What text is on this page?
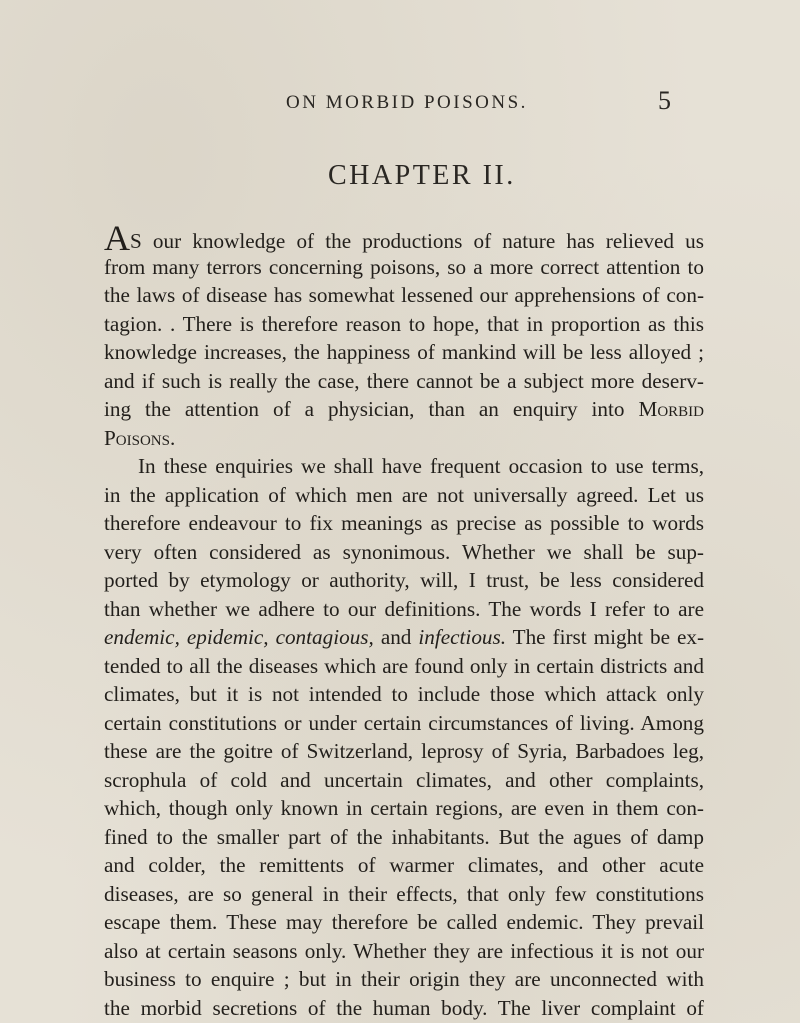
ON MORBID POISONS.	5
CHAPTER II.
AS our knowledge of the productions of nature has relieved us
from many terrors concerning poisons, so a more correct attention to
the laws of disease has somewhat lessened our apprehensions of con-
tagion. . There is therefore reason to hope, that in proportion as this
knowledge increases, the happiness of mankind will be less alloyed ;
and if such is really the case, there cannot be a subject more deserv-
ing the attention of a physician, than an enquiry into Morbid
Poisons.
In these enquiries we shall have frequent occasion to use terms,
in the application of which men are not universally agreed. Let us
therefore endeavour to fix meanings as precise as possible to words
very often considered as synonimous. Whether we shall be sup-
ported by etymology or authority, will, I trust, be less considered
than whether we adhere to our definitions. The words I refer to are
endemic, epidemic, contagious, and infectious. The first might be ex-
tended to all the diseases which are found only in certain districts and
climates, but it is not intended to include those which attack only
certain constitutions or under certain circumstances of living. Among
these are the goitre of Switzerland, leprosy of Syria, Barbadoes leg,
scrophula of cold and uncertain climates, and other complaints,
which, though only known in certain regions, are even in them con-
fined to the smaller part of the inhabitants. But the agues of damp
and colder, the remittents of warmer climates, and other acute
diseases, are so general in their effects, that only few constitutions
escape them. These may therefore be called endemic. They prevail
also at certain seasons only. Whether they are infectious it is not our
business to enquire ; but in their origin they are unconnected with
the morbid secretions of the human body. The liver complaint of
